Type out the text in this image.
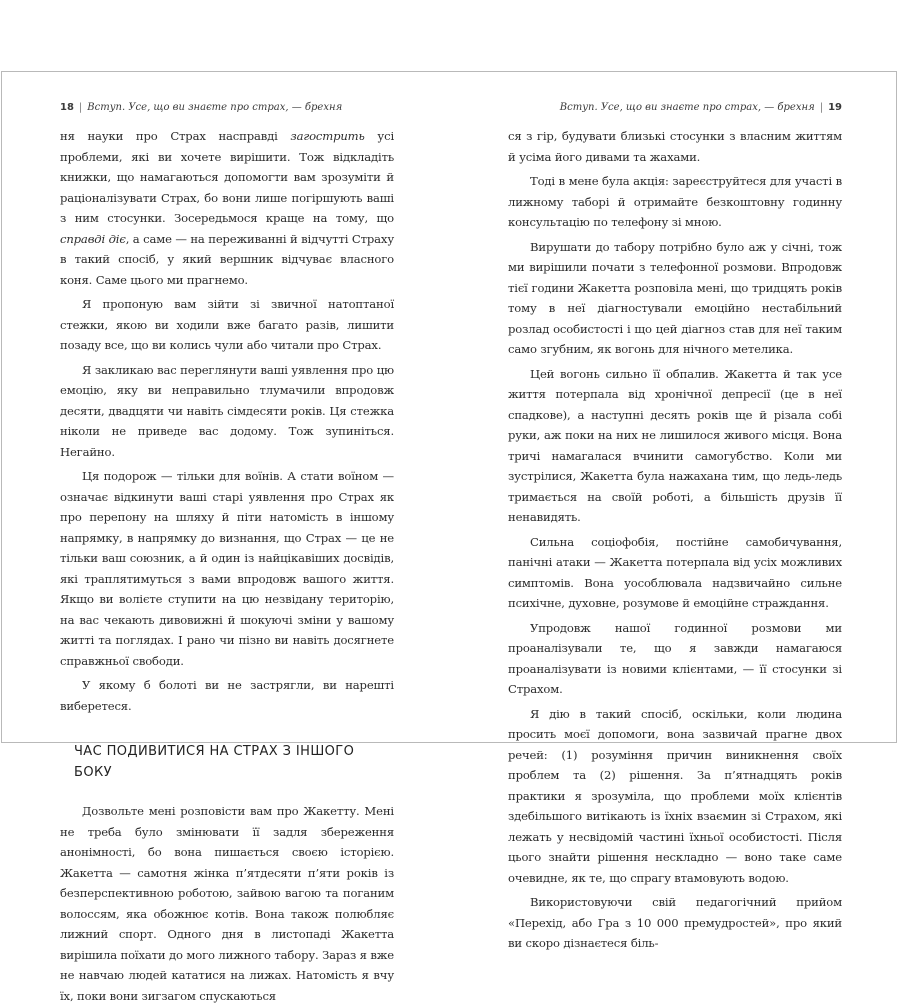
18 | Вступ. Усе, що ви знаєте про страх, — брехня

ня науки про Страх насправді загострить усі проблеми, які ви хочете вирішити. Тож відкладіть книжки, що намагаються допомогти вам зрозуміти й раціоналізувати Страх, бо вони лише погіршують ваші з ним стосунки. Зосередьмося краще на тому, що справді діє, а саме — на переживанні й відчутті Страху в такий спосіб, у який вершник відчуває власного коня. Саме цього ми прагнемо.

Я пропоную вам зійти зі звичної натоптаної стежки, якою ви ходили вже багато разів, лишити позаду все, що ви колись чули або читали про Страх.

Я закликаю вас переглянути ваші уявлення про цю емоцію, яку ви неправильно тлумачили впродовж десяти, двадцяти чи навіть сімдесяти років. Ця стежка ніколи не приведе вас додому. Тож зупиніться. Негайно.

Ця подорож — тільки для воїнів. А стати воїном — означає відкинути ваші старі уявлення про Страх як про перепону на шляху й піти натомість в іншому напрямку, в напрямку до визнання, що Страх — це не тільки ваш союзник, а й один із найцікавіших досвідів, які траплятимуться з вами впродовж вашого життя. Якщо ви волієте ступити на цю незвідану територію, на вас чекають дивовижні й шокуючі зміни у вашому житті та поглядах. І рано чи пізно ви навіть досягнете справжньої свободи.

У якому б болоті ви не застрягли, ви нарешті виберетеся.

ЧАС ПОДИВИТИСЯ НА СТРАХ З ІНШОГО БОКУ

Дозвольте мені розповісти вам про Жакетту. Мені не треба було змінювати її задля збереження анонімності, бо вона пишається своєю історією. Жакетта — самотня жінка п’ятдесяти п’яти років із безперспективною роботою, зайвою вагою та поганим волоссям, яка обожнює котів. Вона також полюбляє лижний спорт. Одного дня в листопаді Жакетта вирішила поїхати до мого лижного табору. Зараз я вже не навчаю людей кататися на лижах. Натомість я вчу їх, поки вони зигзагом спускаються

Вступ. Усе, що ви знаєте про страх, — брехня | 19

ся з гір, будувати близькі стосунки з власним життям й усіма його дивами та жахами.

Тоді в мене була акція: зареєструйтеся для участі в лижному таборі й отримайте безкоштовну годинну консультацію по телефону зі мною.

Вирушати до табору потрібно було аж у січні, тож ми вирішили почати з телефонної розмови. Впродовж тієї години Жакетта розповіла мені, що тридцять років тому в неї діагностували емоційно нестабільний розлад особистості і що цей діагноз став для неї таким само згубним, як вогонь для нічного метелика.

Цей вогонь сильно її обпалив. Жакетта й так усе життя потерпала від хронічної депресії (це в неї спадкове), а наступні десять років ще й різала собі руки, аж поки на них не лишилося живого місця. Вона тричі намагалася вчинити самогубство. Коли ми зустрілися, Жакетта була нажахана тим, що ледь-ледь тримається на своїй роботі, а більшість друзів її ненавидять.

Сильна соціофобія, постійне самобичування, панічні атаки — Жакетта потерпала від усіх можливих симптомів. Вона уособлювала надзвичайно сильне психічне, духовне, розумове й емоційне страждання.

Упродовж нашої годинної розмови ми проаналізували те, що я завжди намагаюся проаналізувати із новими клієнтами, — її стосунки зі Страхом.

Я дію в такий спосіб, оскільки, коли людина просить моєї допомоги, вона зазвичай прагне двох речей: (1) розуміння причин виникнення своїх проблем та (2) рішення. За п’ятнадцять років практики я зрозуміла, що проблеми моїх клієнтів здебільшого витікають із їхніх взаємин зі Страхом, які лежать у несвідомій частині їхньої особистості. Після цього знайти рішення нескладно — воно таке саме очевидне, як те, що спрагу втамовують водою.

Використовуючи свій педагогічний прийом «Перехід, або Гра з 10 000 премудростей», про який ви скоро дізнаєтеся біль-
